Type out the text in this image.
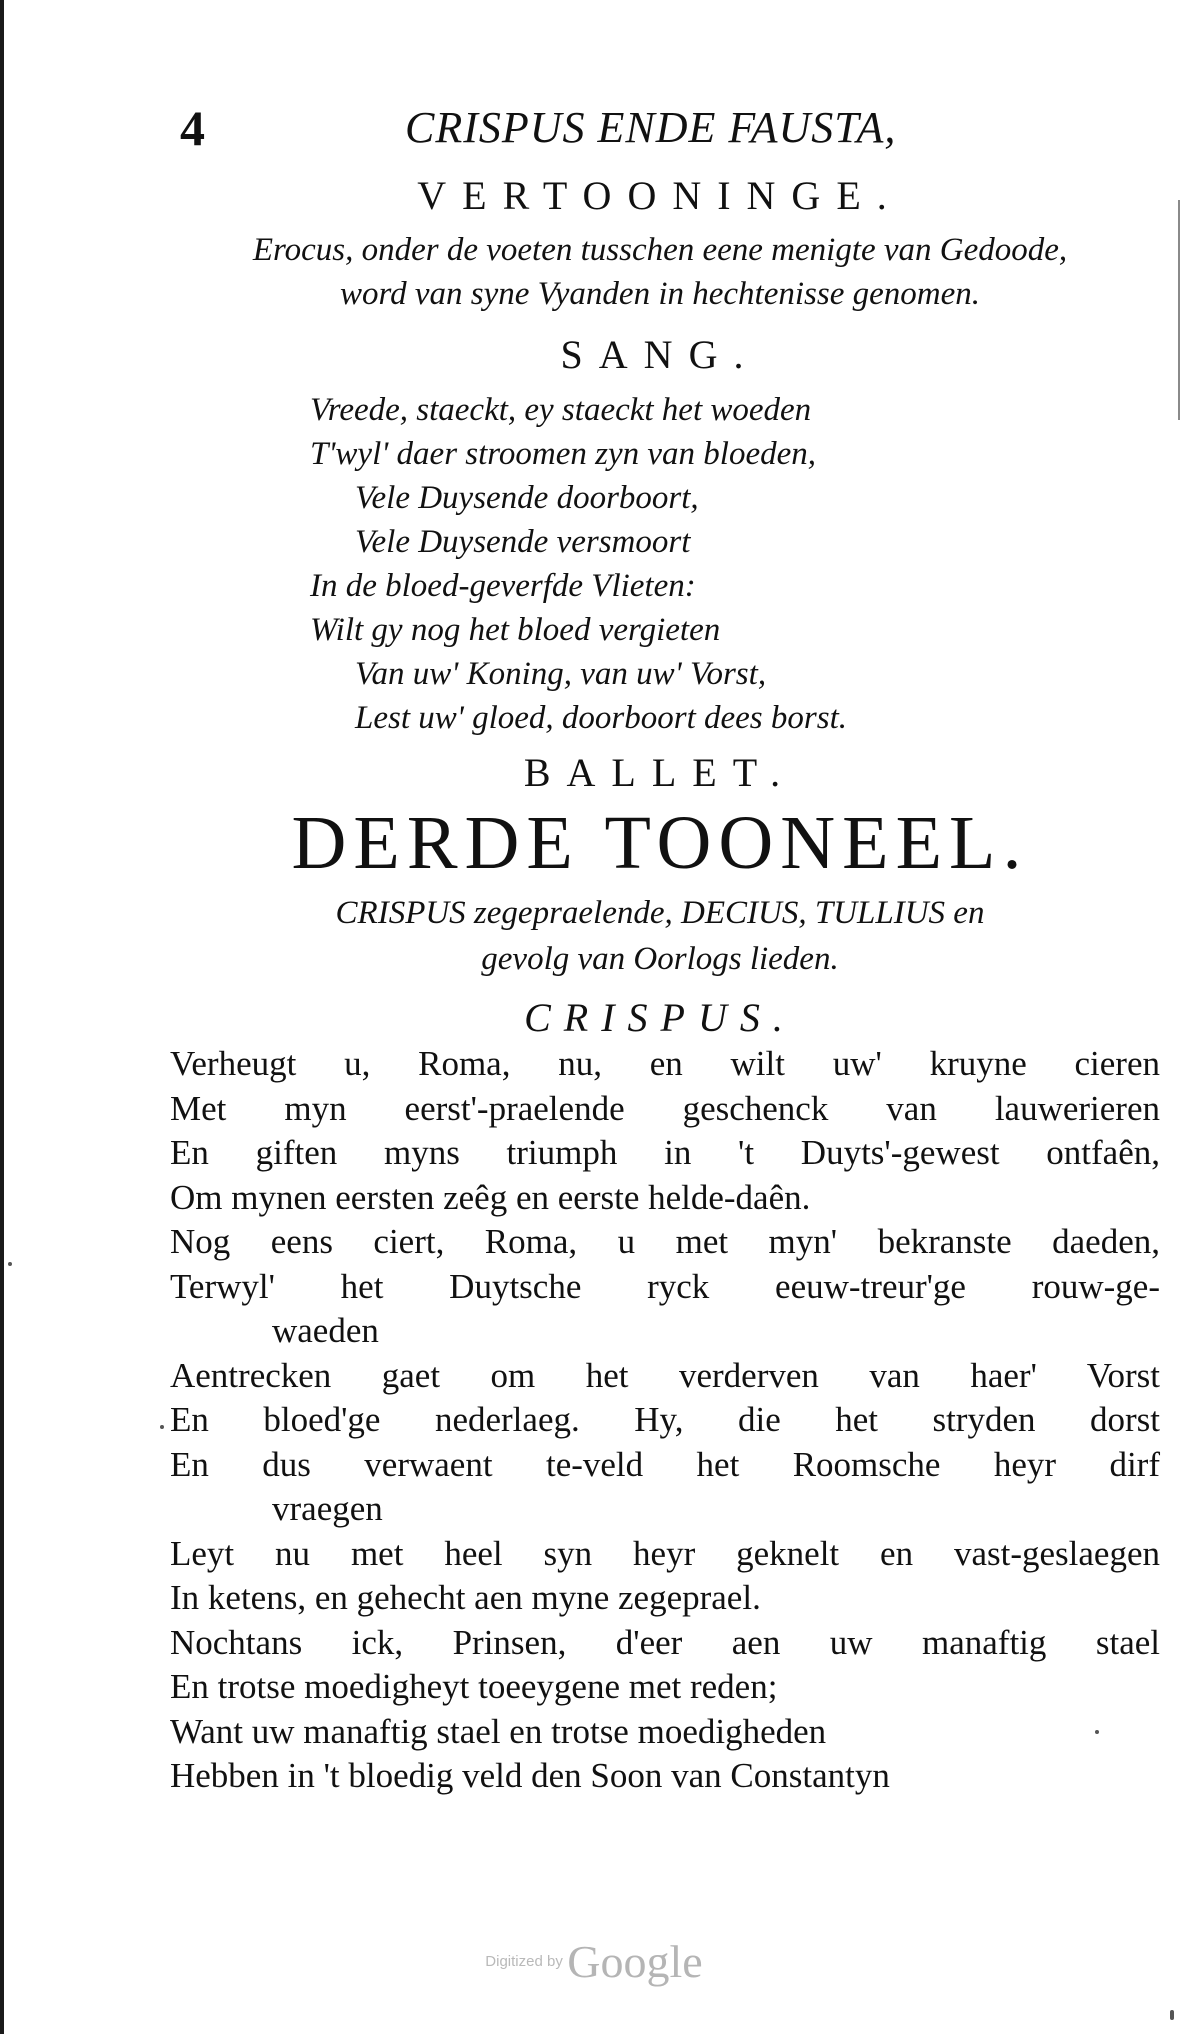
4	CRISPUS ENDE FAUSTA,
VERTOONINGE.
Erocus, onder de voeten tusschen eene menigte van Gedoode,
word van syne Vyanden in hechtenisse genomen.
SANG.
Vreede, staeckt, ey staeckt het woeden
T'wyl' daer stroomen zyn van bloeden,
Vele Duysende doorboort,
Vele Duysende versmoort
In de bloed-geverfde Vlieten:
Wilt gy nog het bloed vergieten
Van uw' Koning, van uw' Vorst,
Lest uw' gloed, doorboort dees borst.
BALLET.
DERDE TOONEEL.
CRISPUS zegepraelende, DECIUS, TULLIUS en
gevolg van Oorlogs lieden.
CRISPUS.
Verheugt u, Roma, nu, en wilt uw' kruyne cieren
Met myn eerst'-praelende geschenck van lauwerieren
En giften myns triumph in 't Duyts'-gewest ontfaên,
Om mynen eersten zeêg en eerste helde-daên.
Nog eens ciert, Roma, u met myn' bekranste daeden,
Terwyl' het Duytsche ryck eeuw-treur'ge rouw-ge-
waeden
Aentrecken gaet om het verderven van haer' Vorst
En bloed'ge nederlaeg. Hy, die het stryden dorst
En dus verwaent te-veld het Roomsche heyr dirf
vraegen
Leyt nu met heel syn heyr geknelt en vast-geslaegen
In ketens, en gehecht aen myne zegeprael.
Nochtans ick, Prinsen, d'eer aen uw manaftig stael
En trotse moedigheyt toeeygene met reden;
Want uw manaftig stael en trotse moedigheden
Hebben in 't bloedig veld den Soon van Constantyn
Digitized by Google
